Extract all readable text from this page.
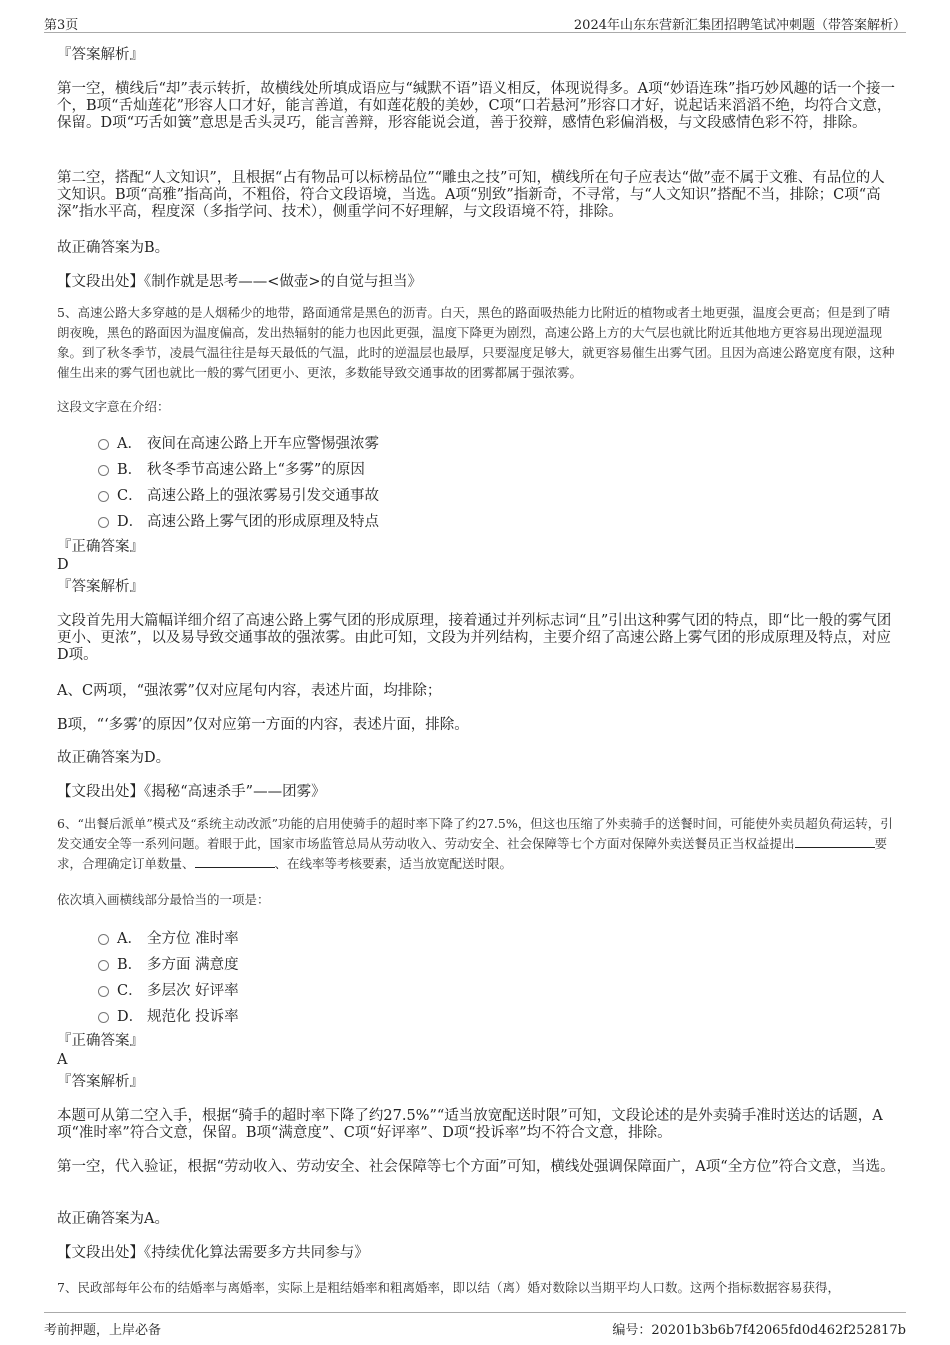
第3页	2024年山东东营新汇集团招聘笔试冲刺题（带答案解析）
『答案解析』
第一空，横线后“却”表示转折，故横线处所填成语应与“缄默不语”语义相反，体现说得多。A项“妙语连珠”指巧妙风趣的话一个接一个，B项“舌灿莲花”形容人口才好，能言善道，有如莲花般的美妙，C项“口若悬河”形容口才好，说起话来滔滔不绝，均符合文意，保留。D项“巧舌如簧”意思是舌头灵巧，能言善辩，形容能说会道，善于狡辩，感情色彩偏消极，与文段感情色彩不符，排除。
第二空，搭配“人文知识”，且根据“占有物品可以标榜品位”“雕虫之技”可知，横线所在句子应表达“做”壶不属于文雅、有品位的人文知识。B项“高雅”指高尚，不粗俗，符合文段语境，当选。A项“别致”指新奇，不寻常，与“人文知识”搭配不当，排除；C项“高深”指水平高，程度深（多指学问、技术），侧重学问不好理解，与文段语境不符，排除。
故正确答案为B。
【文段出处】《制作就是思考——<做壶>的自觉与担当》
5、高速公路大多穿越的是人烟稀少的地带，路面通常是黑色的沥青。白天，黑色的路面吸热能力比附近的植物或者土地更强，温度会更高；但是到了晴朗夜晚，黑色的路面因为温度偏高，发出热辐射的能力也因此更强，温度下降更为剧烈，高速公路上方的大气层也就比附近其他地方更容易出现逆温现象。到了秋冬季节，凌晨气温往往是每天最低的气温，此时的逆温层也最厚，只要湿度足够大，就更容易催生出雾气团。且因为高速公路宽度有限，这种催生出来的雾气团也就比一般的雾气团更小、更浓，多数能导致交通事故的团雾都属于强浓雾。
这段文字意在介绍：
A． 夜间在高速公路上开车应警惕强浓雾
B． 秋冬季节高速公路上“多雾”的原因
C． 高速公路上的强浓雾易引发交通事故
D． 高速公路上雾气团的形成原理及特点
『正确答案』
D
『答案解析』
文段首先用大篇幅详细介绍了高速公路上雾气团的形成原理，接着通过并列标志词“且”引出这种雾气团的特点，即“比一般的雾气团更小、更浓”，以及易导致交通事故的强浓雾。由此可知，文段为并列结构，主要介绍了高速公路上雾气团的形成原理及特点，对应D项。
A、C两项，“强浓雾”仅对应尾句内容，表述片面，均排除；
B项，“‘多雾’的原因”仅对应第一方面的内容，表述片面，排除。
故正确答案为D。
【文段出处】《揭秘“高速杀手”——团雾》
6、“出餐后派单”模式及“系统主动改派”功能的启用使骑手的超时率下降了约27.5%，但这也压缩了外卖骑手的送餐时间，可能使外卖员超负荷运转，引发交通安全等一系列问题。着眼于此，国家市场监管总局从劳动收入、劳动安全、社会保障等七个方面对保障外卖送餐员正当权益提出	要求，合理确定订单数量、	、在线率等考核要素，适当放宽配送时限。
依次填入画横线部分最恰当的一项是：
A． 全方位 准时率
B． 多方面 满意度
C． 多层次 好评率
D． 规范化 投诉率
『正确答案』
A
『答案解析』
本题可从第二空入手，根据“骑手的超时率下降了约27.5%”“适当放宽配送时限”可知，文段论述的是外卖骑手准时送达的话题，A项“准时率”符合文意，保留。B项“满意度”、C项“好评率”、D项“投诉率”均不符合文意，排除。
第一空，代入验证，根据“劳动收入、劳动安全、社会保障等七个方面”可知，横线处强调保障面广，A项“全方位”符合文意，当选。
故正确答案为A。
【文段出处】《持续优化算法需要多方共同参与》
7、民政部每年公布的结婚率与离婚率，实际上是粗结婚率和粗离婚率，即以结（离）婚对数除以当期平均人口数。这两个指标数据容易获得，
考前押题，上岸必备	编号：20201b3b6b7f42065fd0d462f252817b
